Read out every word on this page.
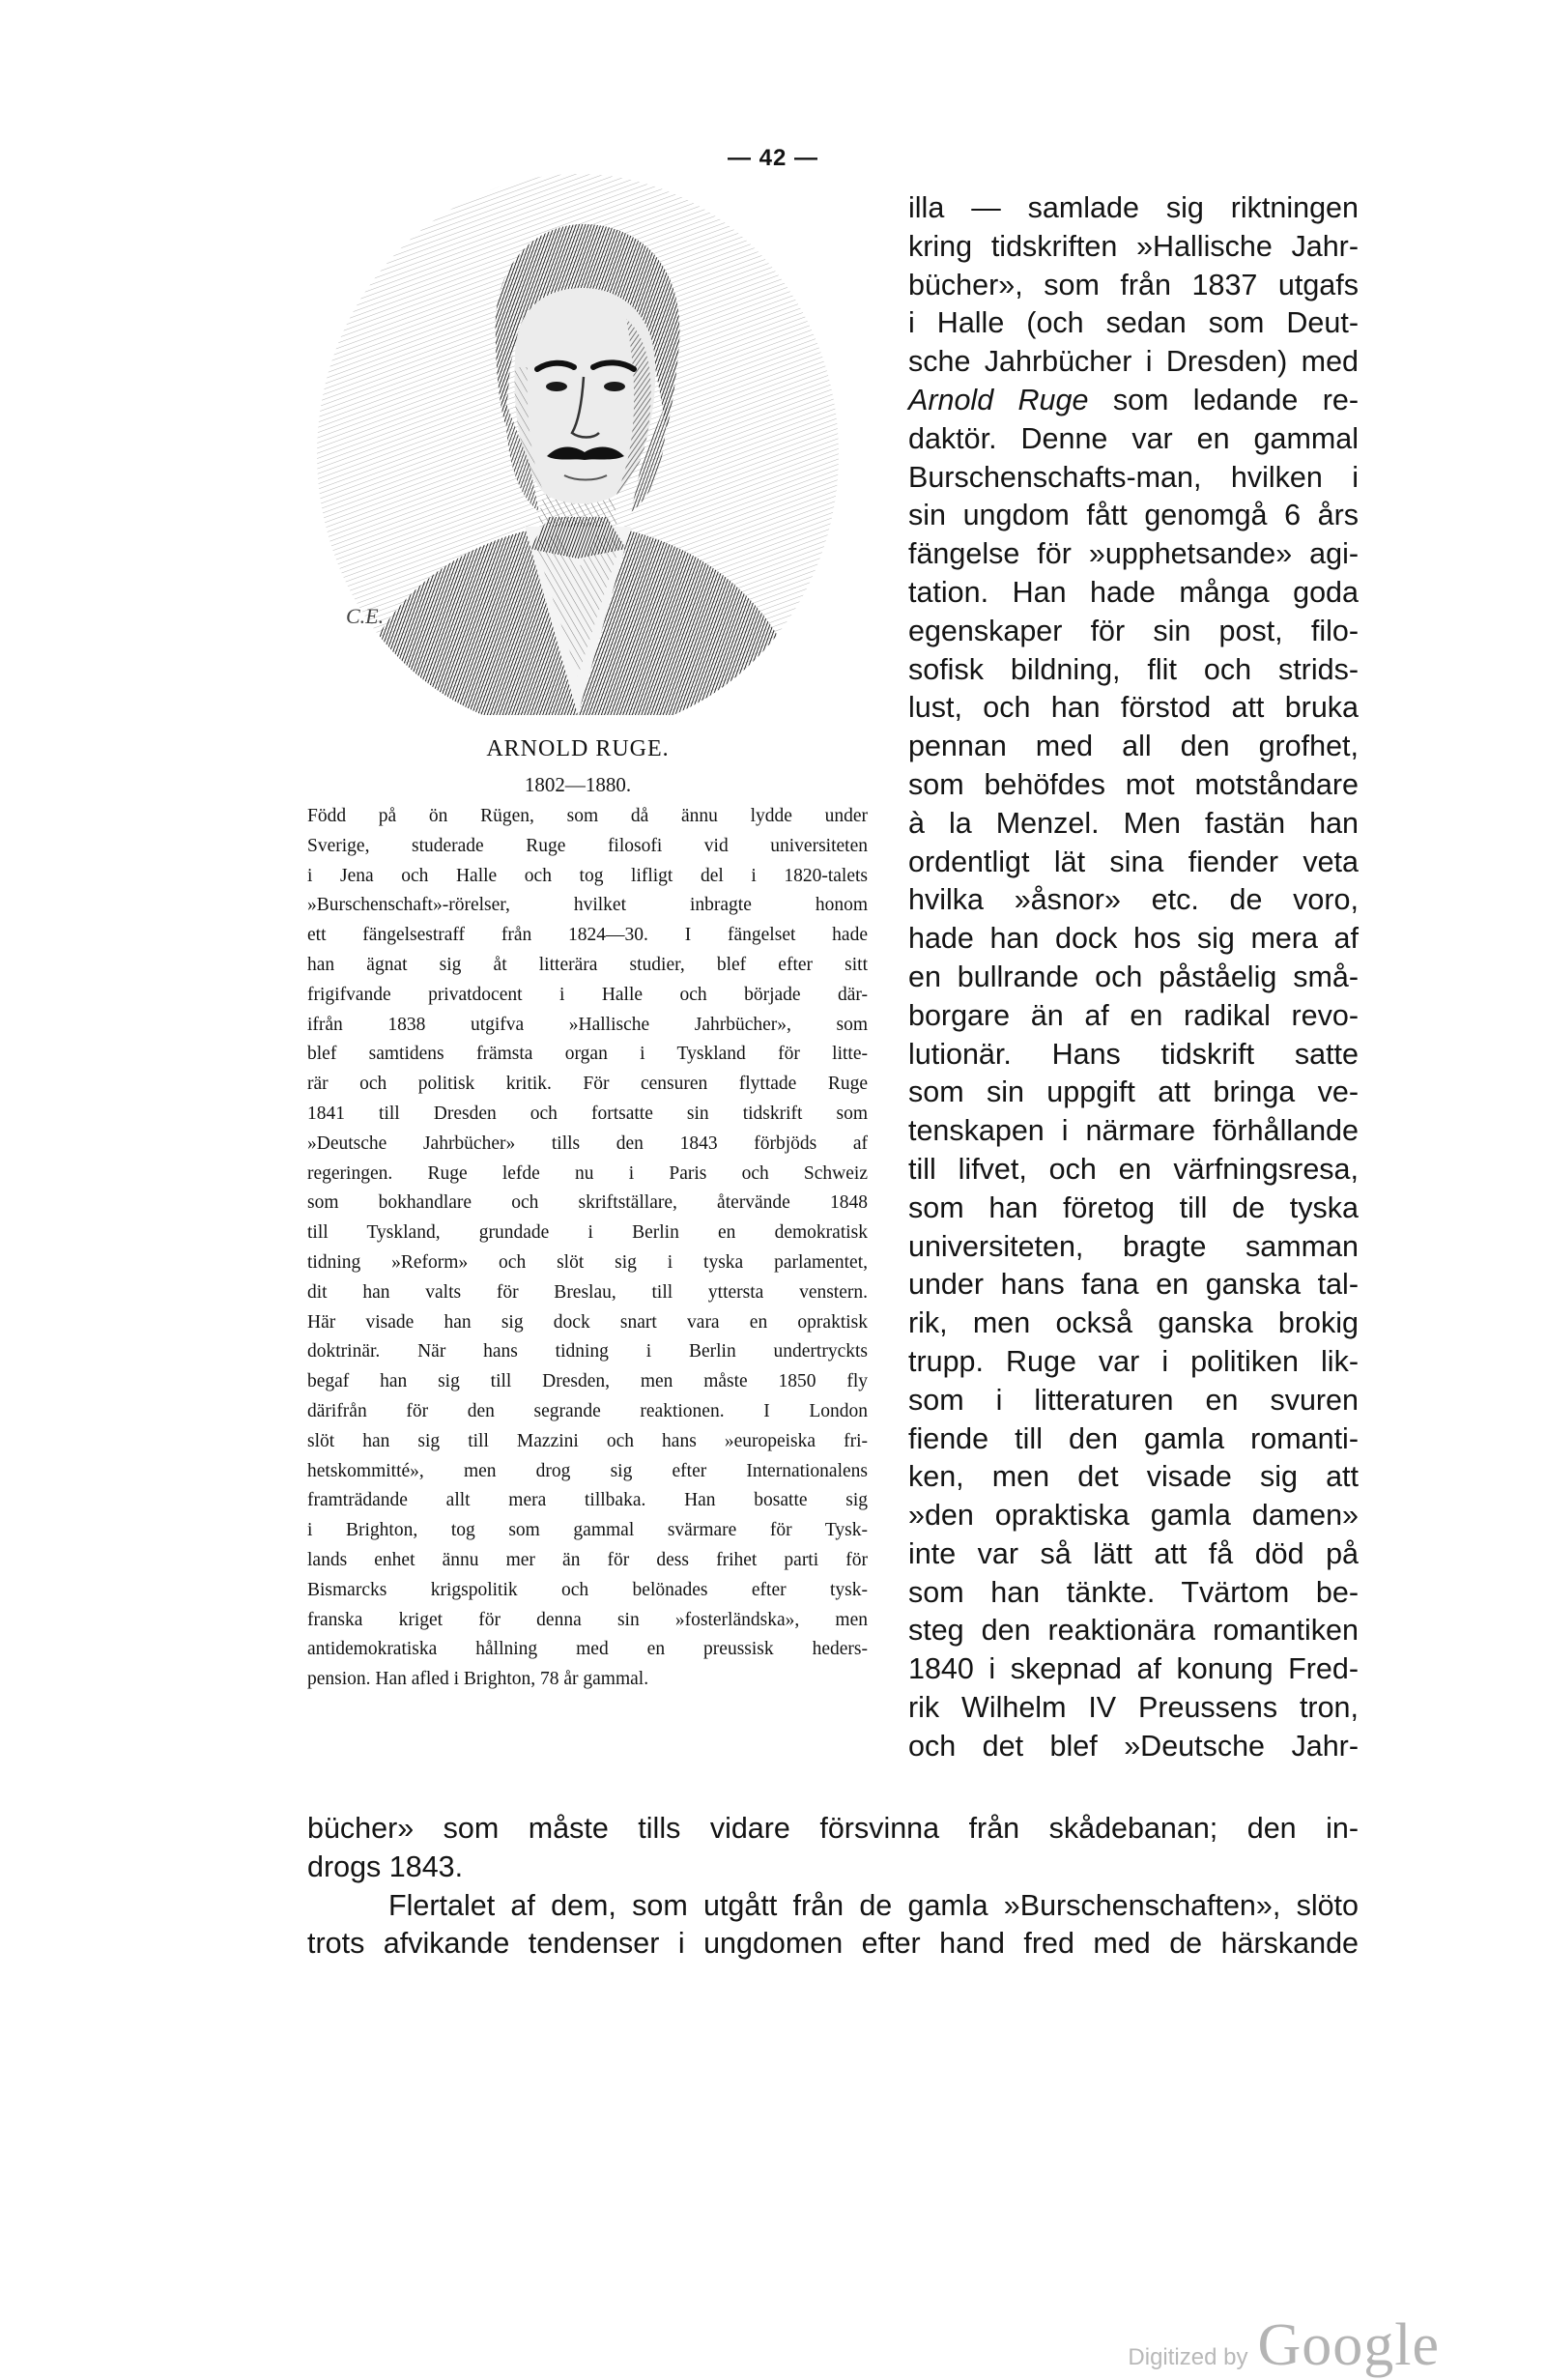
— 42 —
C.E.
ARNOLD RUGE.
1802—1880.
Född på ön Rügen, som då ännu lydde under
Sverige, studerade Ruge filosofi vid universiteten
i Jena och Halle och tog lifligt del i 1820-talets
»Burschenschaft»-rörelser, hvilket inbragte honom
ett fängelsestraff från 1824—30. I fängelset hade
han ägnat sig åt litterära studier, blef efter sitt
frigifvande privatdocent i Halle och började där-
ifrån 1838 utgifva »Hallische Jahrbücher», som
blef samtidens främsta organ i Tyskland för litte-
rär och politisk kritik. För censuren flyttade Ruge
1841 till Dresden och fortsatte sin tidskrift som
»Deutsche Jahrbücher» tills den 1843 förbjöds af
regeringen. Ruge lefde nu i Paris och Schweiz
som bokhandlare och skriftställare, återvände 1848
till Tyskland, grundade i Berlin en demokratisk
tidning »Reform» och slöt sig i tyska parlamentet,
dit han valts för Breslau, till yttersta venstern.
Här visade han sig dock snart vara en opraktisk
doktrinär. När hans tidning i Berlin undertryckts
begaf han sig till Dresden, men måste 1850 fly
därifrån för den segrande reaktionen. I London
slöt han sig till Mazzini och hans »europeiska fri-
hetskommitté», men drog sig efter Internationalens
framträdande allt mera tillbaka. Han bosatte sig
i Brighton, tog som gammal svärmare för Tysk-
lands enhet ännu mer än för dess frihet parti för
Bismarcks krigspolitik och belönades efter tysk-
franska kriget för denna sin »fosterländska», men
antidemokratiska hållning med en preussisk heders-
pension. Han afled i Brighton, 78 år gammal.
illa — samlade sig riktningen
kring tidskriften »Hallische Jahr-
bücher», som från 1837 utgafs
i Halle (och sedan som Deut-
sche Jahrbücher i Dresden) med
Arnold Ruge som ledande re-
daktör. Denne var en gammal
Burschenschafts-man, hvilken i
sin ungdom fått genomgå 6 års
fängelse för »upphetsande» agi-
tation. Han hade många goda
egenskaper för sin post, filo-
sofisk bildning, flit och strids-
lust, och han förstod att bruka
pennan med all den grofhet,
som behöfdes mot motståndare
à la Menzel. Men fastän han
ordentligt lät sina fiender veta
hvilka »åsnor» etc. de voro,
hade han dock hos sig mera af
en bullrande och påståelig små-
borgare än af en radikal revo-
lutionär. Hans tidskrift satte
som sin uppgift att bringa ve-
tenskapen i närmare förhållande
till lifvet, och en värfningsresa,
som han företog till de tyska
universiteten, bragte samman
under hans fana en ganska tal-
rik, men också ganska brokig
trupp. Ruge var i politiken lik-
som i litteraturen en svuren
fiende till den gamla romanti-
ken, men det visade sig att
»den opraktiska gamla damen»
inte var så lätt att få död på
som han tänkte. Tvärtom be-
steg den reaktionära romantiken
1840 i skepnad af konung Fred-
rik Wilhelm IV Preussens tron,
och det blef »Deutsche Jahr-
bücher» som måste tills vidare försvinna från skådebanan; den in-
drogs 1843.
Flertalet af dem, som utgått från de gamla »Burschenschaften», slöto
trots afvikande tendenser i ungdomen efter hand fred med de härskande
Digitized by Google
